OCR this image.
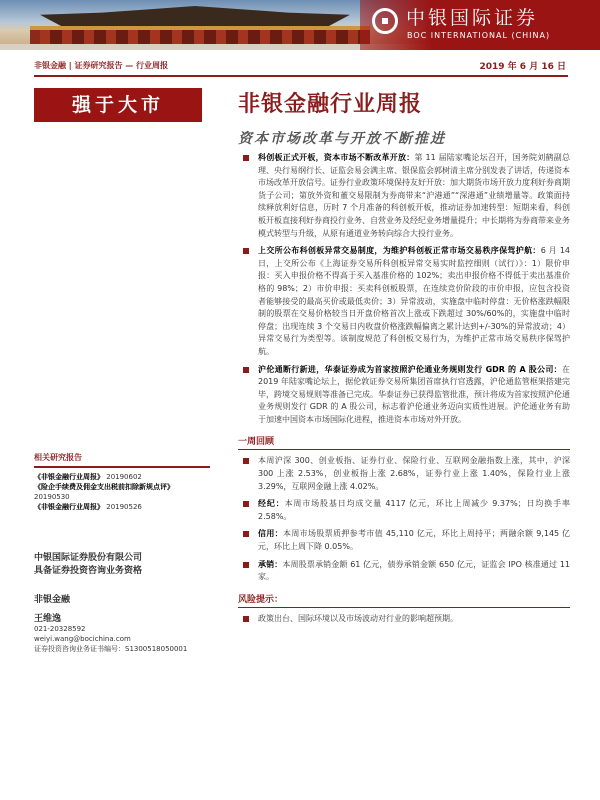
中银国际证券
BOC INTERNATIONAL (CHINA)
非银金融 | 证券研究报告 — 行业周报	2019 年 6 月 16 日
强于大市	非银金融行业周报
资本市场改革与开放不断推进
科创板正式开板，资本市场不断改革开放：第 11 届陆家嘴论坛召开，国务院刘鹤副总理、央行易纲行长、证监会易会满主席、银保监会郭树清主席分别发表了讲话，传递资本市场改革开放信号。证券行业政策环境保持友好开放：加大期货市场开放力度利好券商期货子公司；第放外资和董交易限制为券商带来“沪港通”“深港通”业绩增量等。政策面持续释放利好信息，历时 7 个月准备的科创板开板，推动证券加速转型：短期来看，科创板开板直接利好券商投行业务、自营业务及经纪业务增量提升；中长期将为券商带来业务模式转型与升级，从原有通道业务转向综合大投行业务。
上交所公布科创板异常交易制度，为维护科创板正常市场交易秩序保驾护航：6 月 14 日，上交所公布《上海证券交易所科创板异常交易实时监控细则（试行）》：1）限价申报：买入申报价格不得高于买入基准价格的 102%；卖出申报价格不得低于卖出基准价格的 98%；2）市价申报：买卖科创板股票，在连续竞价阶段的市价申报，应包含投资者能够接受的最高买价或最低卖价；3）异常波动，实施盘中临时停盘：无价格涨跌幅限制的股票在交易价格较当日开盘价格首次上涨或下跌超过 30%/60%的，实施盘中临时停盘；出现连续 3 个交易日内收盘价格涨跌幅偏离之累计达到+/-30%的异常波动；4）异常交易行为类型等。该制度规范了科创板交易行为，为维护正常市场交易秩序保驾护航。
沪伦通断行新进，华泰证券成为首家按照沪伦通业务规则发行 GDR 的 A 股公司：在 2019 年陆家嘴论坛上，据伦敦证券交易所集团首席执行官透露，沪伦通监管框架搭建完毕，跨境交易规则等准备已完成。华泰证券已获得监管批准，预计将成为首家按照沪伦通业务规则发行 GDR 的 A 股公司，标志着沪伦通业务迈向实质性进展。沪伦通业务有助于加速中国资本市场国际化进程，推进资本市场对外开放。
一周回顾
本周沪深 300、创业板指、证券行业、保险行业、互联网金融指数上涨，其中，沪深 300 上涨 2.53%，创业板指上涨 2.68%，证券行业上涨 1.40%，保险行业上涨 3.29%，互联网金融上涨 4.02%。
经纪：本周市场股基日均成交量 4117 亿元，环比上周减少 9.37%；日均换手率 2.58%。
信用：本周市场股票质押参考市值 45,110 亿元，环比上周持平；两融余额 9,145 亿元，环比上周下降 0.05%。
承销：本周股票承销金额 61 亿元，债券承销金额 650 亿元，证监会 IPO 核准通过 11 家。
风险提示：
政策出台、国际环境以及市场波动对行业的影响超预期。
相关研究报告
《非银金融行业周报》 20190602
《险企手续费及佣金支出税前扣除新规点评》 20190530
《非银金融行业周报》 20190526
中银国际证券股份有限公司
具备证券投资咨询业务资格
非银金融
王维逸
021-20328592
weiyi.wang@bocichina.com
证券投资咨询业务证书编号：S1300518050001
